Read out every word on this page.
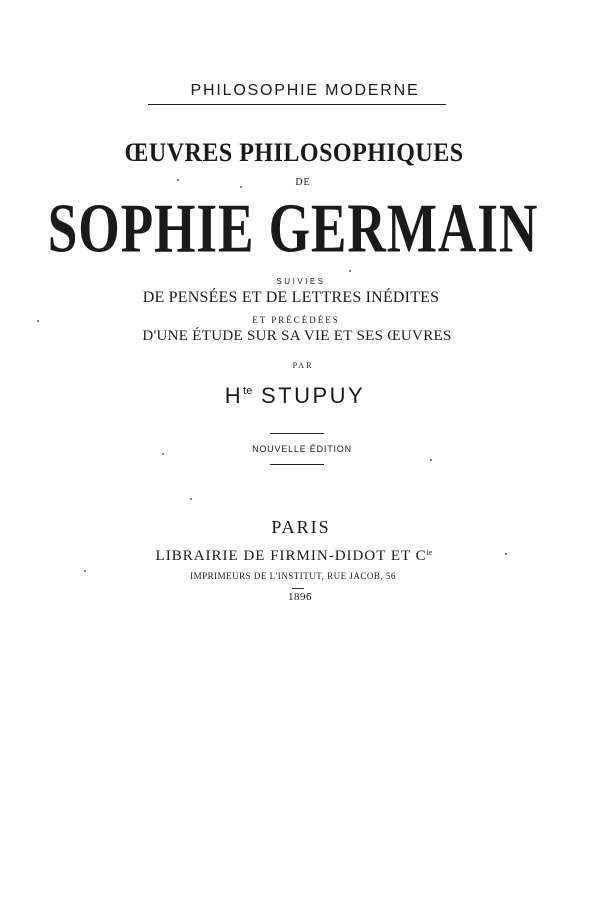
PHILOSOPHIE MODERNE
ŒUVRES PHILOSOPHIQUES
DE
SOPHIE GERMAIN
SUIVIES
DE PENSÉES ET DE LETTRES INÉDITES
ET PRÉCÉDÉES
D'UNE ÉTUDE SUR SA VIE ET SES ŒUVRES
PAR
$H^{te}$ STUPUY
NOUVELLE ÉDITION
PARIS
LIBRAIRIE DE FIRMIN-DIDOT ET $C^{ie}$
IMPRIMEURS DE L'INSTITUT, RUE JACOB, 56
1896
